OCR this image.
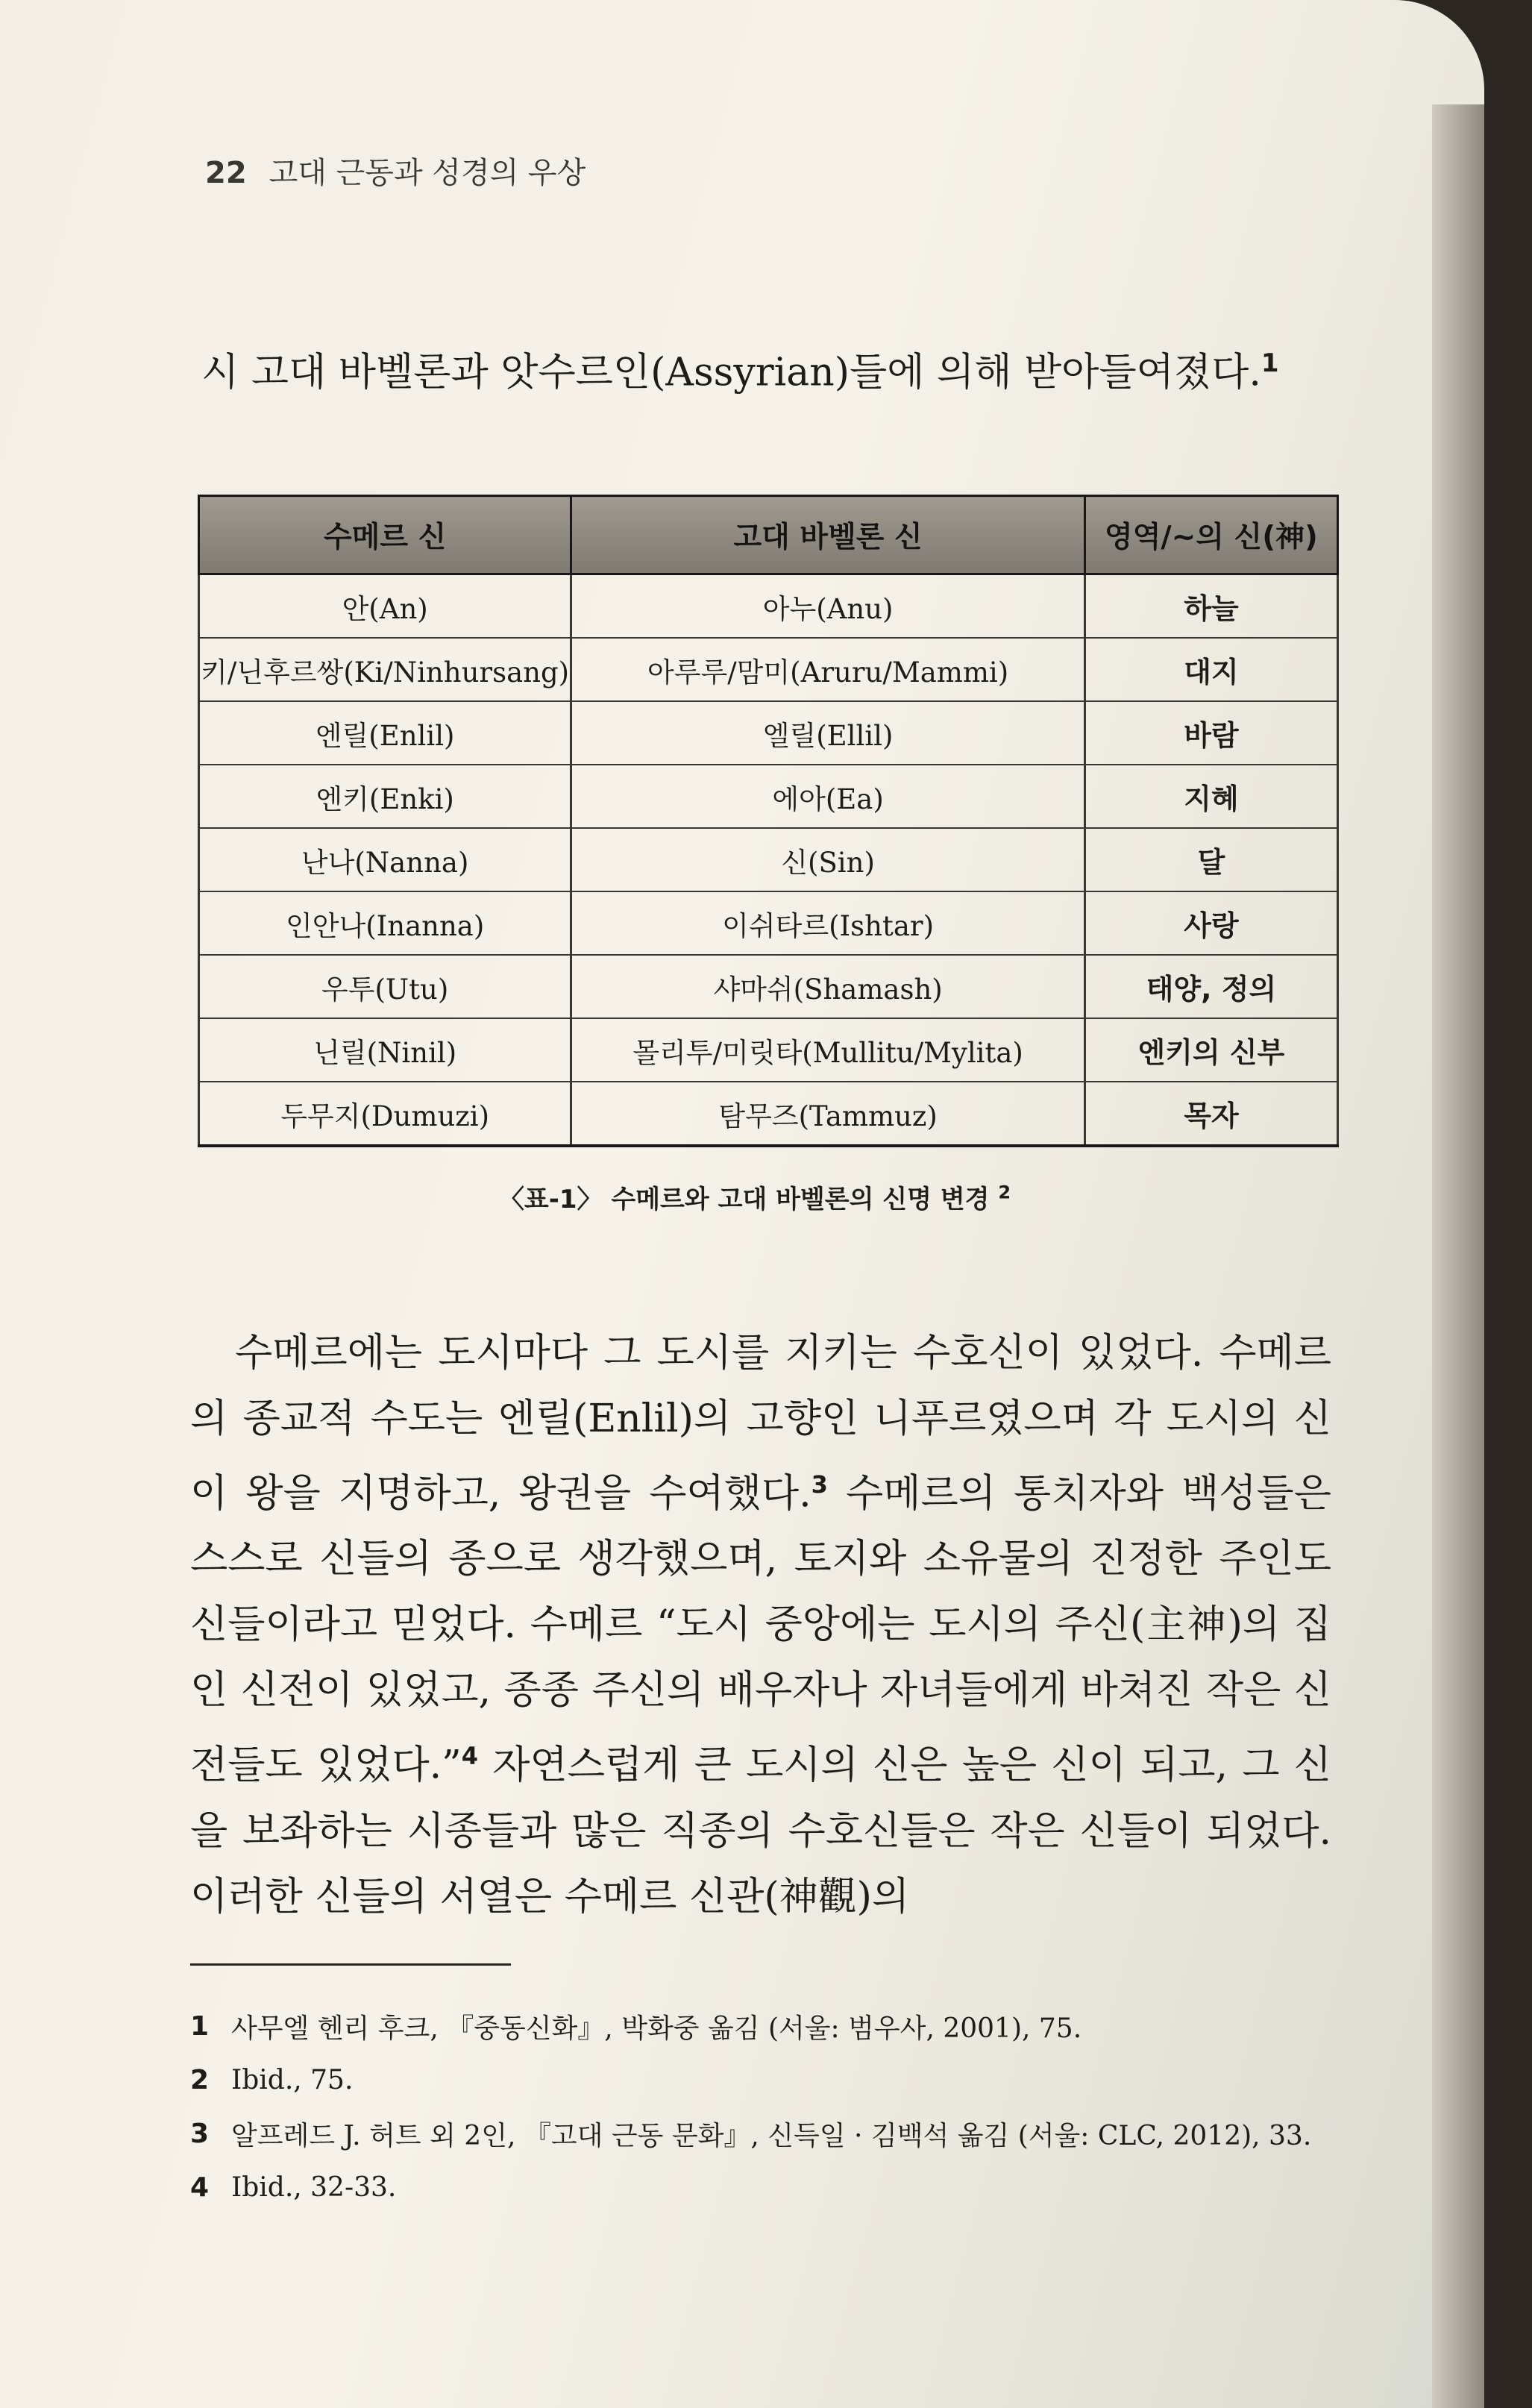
22 고대 근동과 성경의 우상
시 고대 바벨론과 앗수르인(Assyrian)들에 의해 받아들여졌다.$^1$
수메르 신	고대 바벨론 신	영역/~의 신(神)
안(An)	아누(Anu)	하늘
키/닌후르쌍(Ki/Ninhursang)	아루루/맘미(Aruru/Mammi)	대지
엔릴(Enlil)	엘릴(Ellil)	바람
엔키(Enki)	에아(Ea)	지혜
난나(Nanna)	신(Sin)	달
인안나(Inanna)	이쉬타르(Ishtar)	사랑
우투(Utu)	샤마쉬(Shamash)	태양, 정의
닌릴(Ninil)	몰리투/미릿타(Mullitu/Mylita)	엔키의 신부
두무지(Dumuzi)	탐무즈(Tammuz)	목자
〈표-1〉 수메르와 고대 바벨론의 신명 변경 $^2$

수메르에는 도시마다 그 도시를 지키는 수호신이 있었다. 수메르의 종교적 수도는 엔릴(Enlil)의 고향인 니푸르였으며 각 도시의 신이 왕을 지명하고, 왕권을 수여했다.$^3$ 수메르의 통치자와 백성들은 스스로 신들의 종으로 생각했으며, 토지와 소유물의 진정한 주인도 신들이라고 믿었다. 수메르 “도시 중앙에는 도시의 주신(主神)의 집인 신전이 있었고, 종종 주신의 배우자나 자녀들에게 바쳐진 작은 신전들도 있었다.”$^4$ 자연스럽게 큰 도시의 신은 높은 신이 되고, 그 신을 보좌하는 시종들과 많은 직종의 수호신들은 작은 신들이 되었다. 이러한 신들의 서열은 수메르 신관(神觀)의

1 사무엘 헨리 후크, 『중동신화』, 박화중 옮김 (서울: 범우사, 2001), 75.
2 Ibid., 75.
3 알프레드 J. 허트 외 2인, 『고대 근동 문화』, 신득일 · 김백석 옮김 (서울: CLC, 2012), 33.
4 Ibid., 32-33.
